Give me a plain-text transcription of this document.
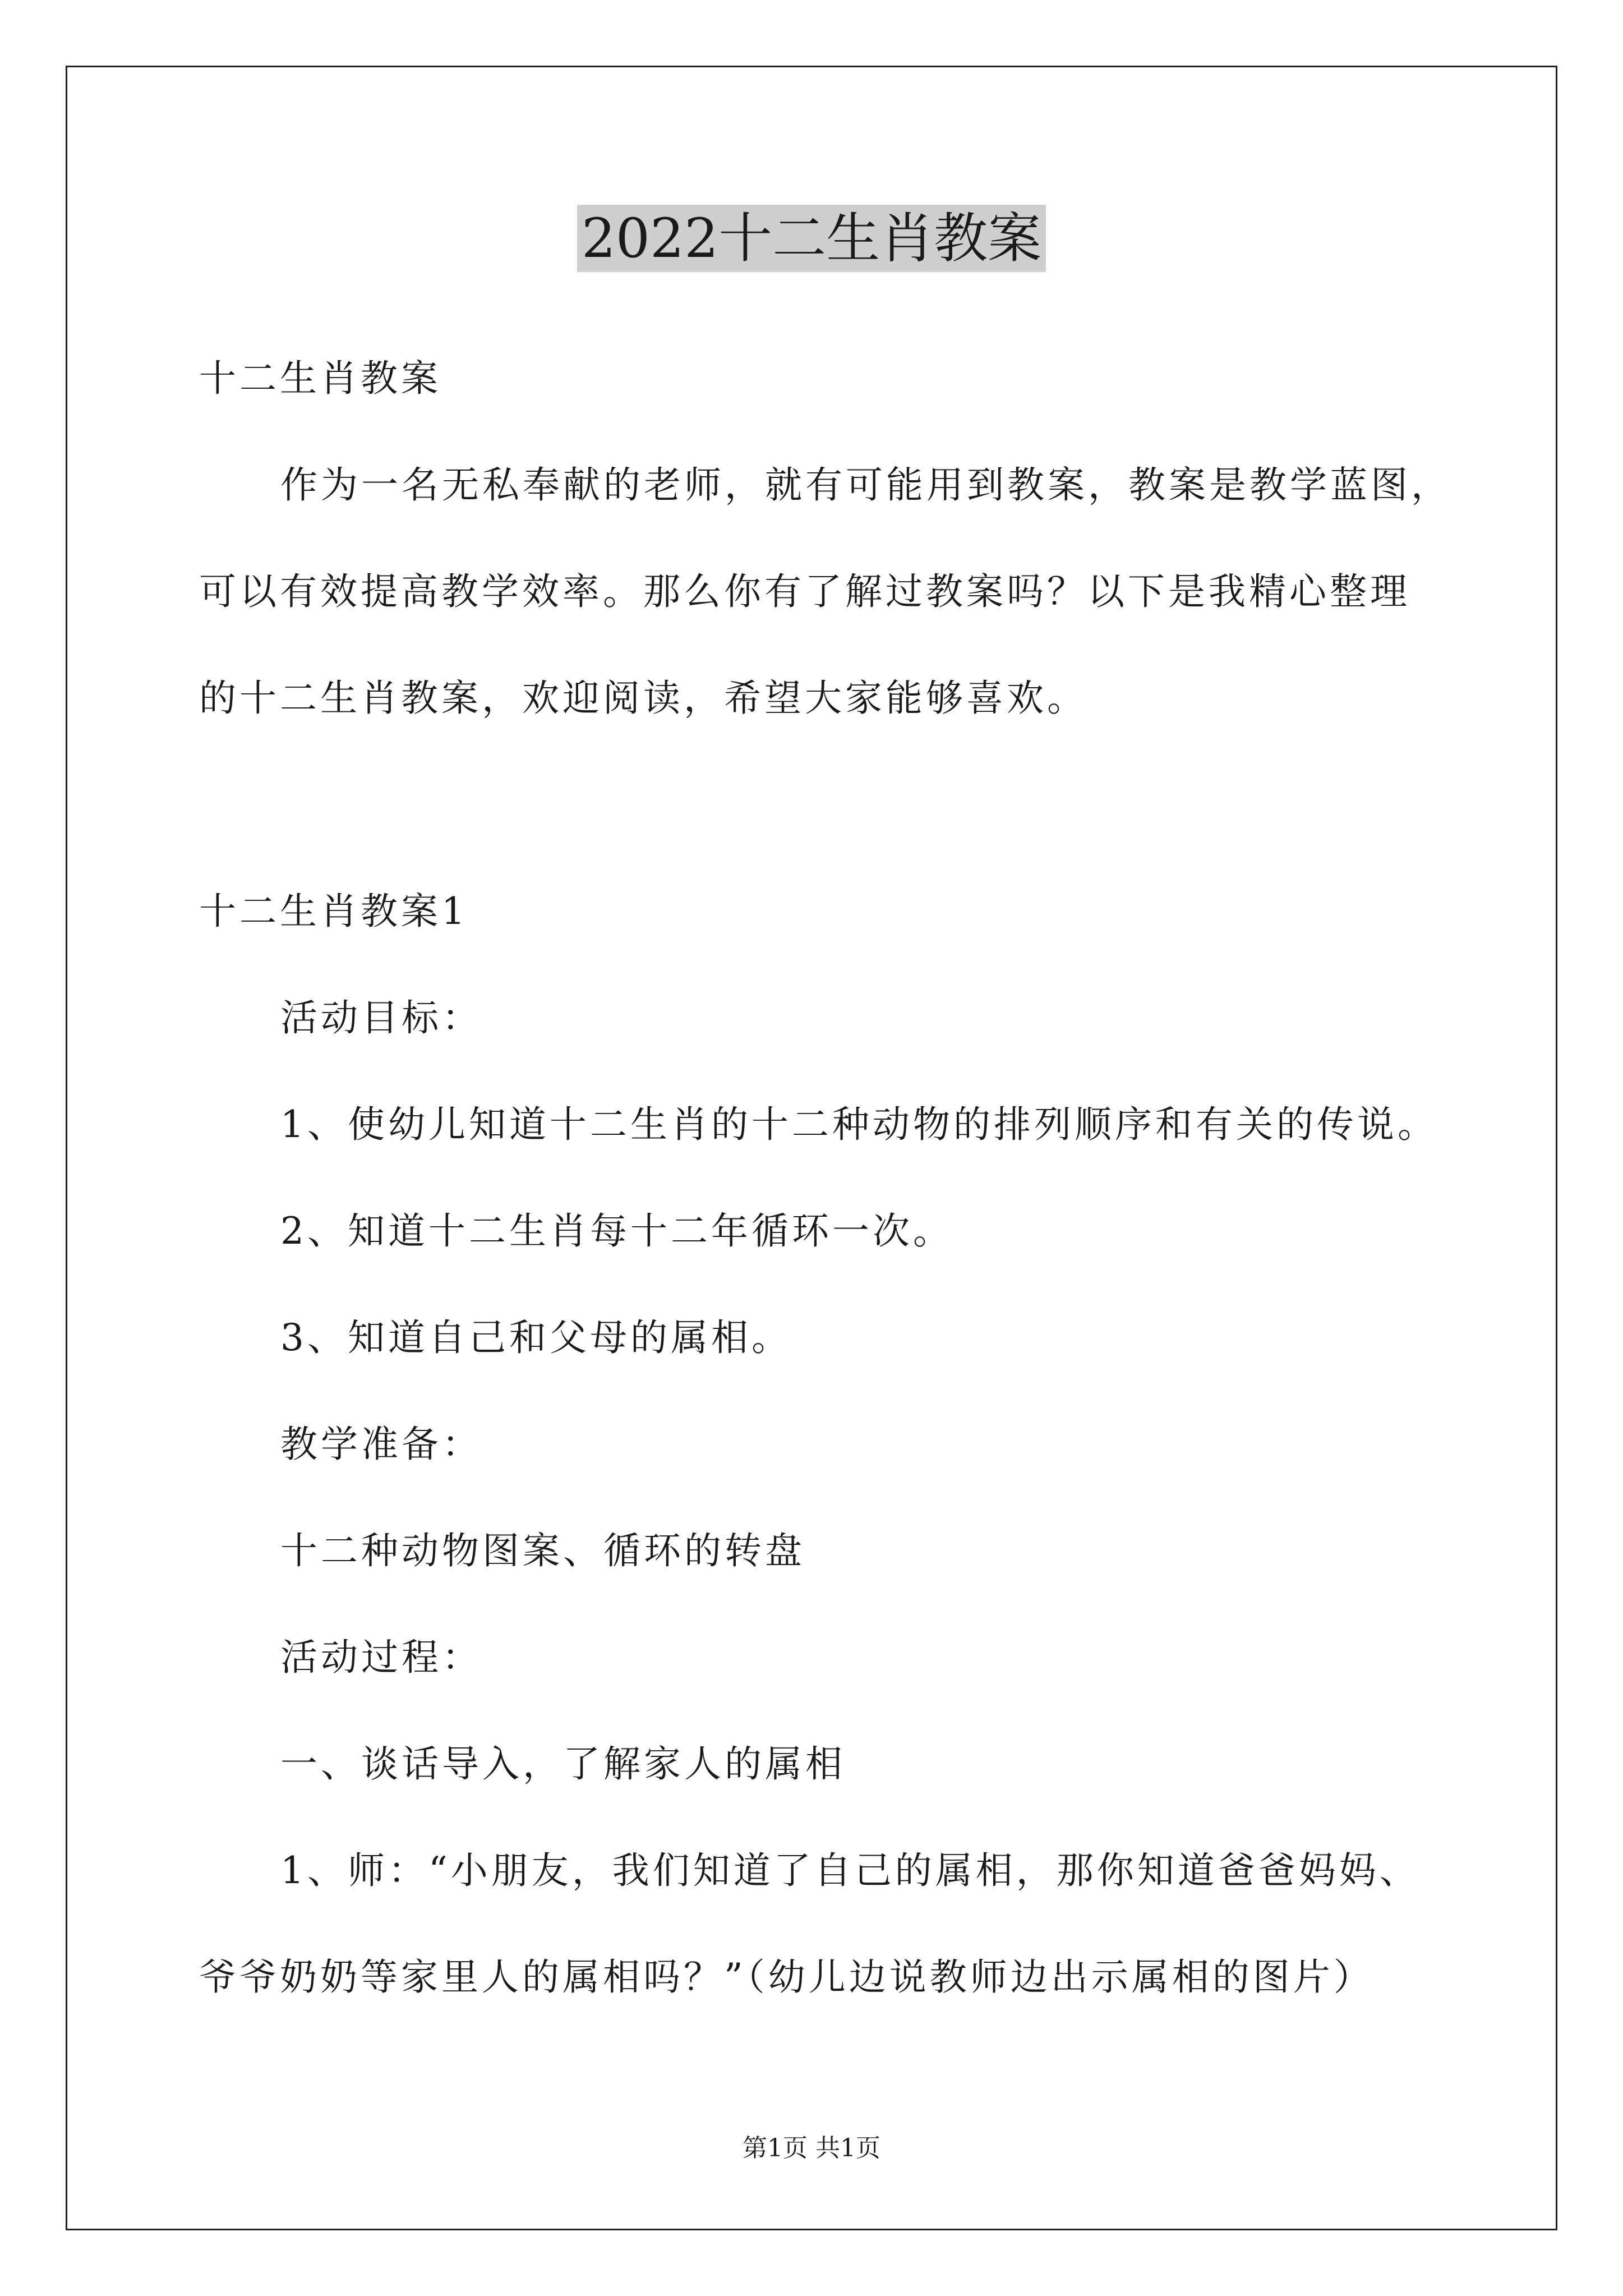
2022十二生肖教案
十二生肖教案
作为一名无私奉献的老师，就有可能用到教案，教案是教学蓝图，
可以有效提高教学效率。那么你有了解过教案吗？以下是我精心整理
的十二生肖教案，欢迎阅读，希望大家能够喜欢。
十二生肖教案1
活动目标：
1、使幼儿知道十二生肖的十二种动物的排列顺序和有关的传说。
2、知道十二生肖每十二年循环一次。
3、知道自己和父母的属相。
教学准备：
十二种动物图案、循环的转盘
活动过程：
一、谈话导入，了解家人的属相
1、师：“小朋友，我们知道了自己的属相，那你知道爸爸妈妈、
爷爷奶奶等家里人的属相吗？”（幼儿边说教师边出示属相的图片）
第1页 共1页
